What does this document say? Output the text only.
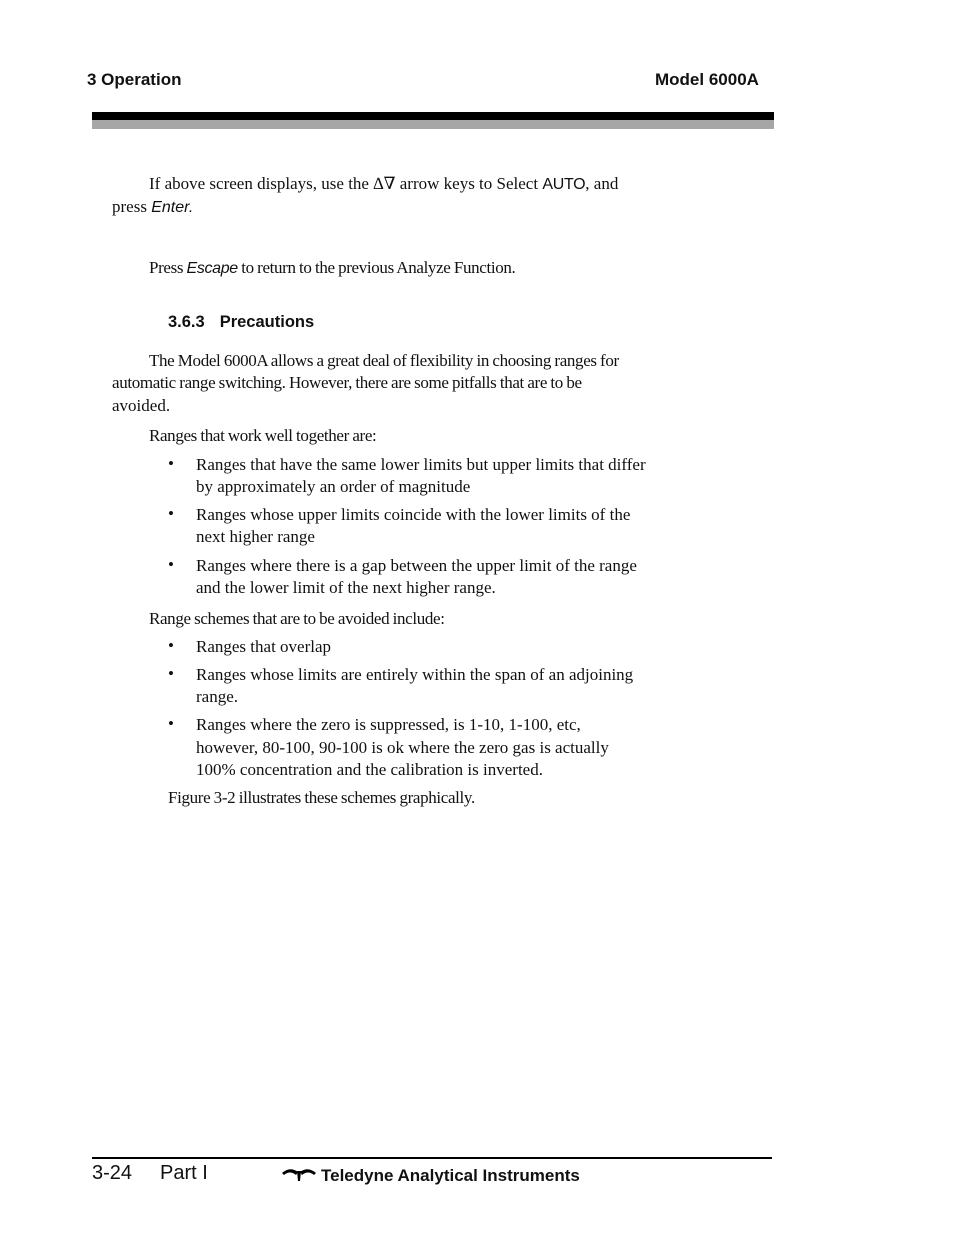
3 Operation	Model 6000A
If above screen displays, use the ∆∇ arrow keys to Select AUTO, and
press Enter.
Press Escape to return to the previous Analyze Function.
3.6.3 Precautions
The Model 6000A allows a great deal of flexibility in choosing ranges for
automatic range switching. However, there are some pitfalls that are to be
avoided.
Ranges that work well together are:
• Ranges that have the same lower limits but upper limits that differ
by approximately an order of magnitude
• Ranges whose upper limits coincide with the lower limits of the
next higher range
• Ranges where there is a gap between the upper limit of the range
and the lower limit of the next higher range.
Range schemes that are to be avoided include:
• Ranges that overlap
• Ranges whose limits are entirely within the span of an adjoining
range.
• Ranges where the zero is suppressed, is 1-10, 1-100, etc,
however, 80-100, 90-100 is ok where the zero gas is actually
100% concentration and the calibration is inverted.
Figure 3-2 illustrates these schemes graphically.
3-24 Part I	Teledyne Analytical Instruments
